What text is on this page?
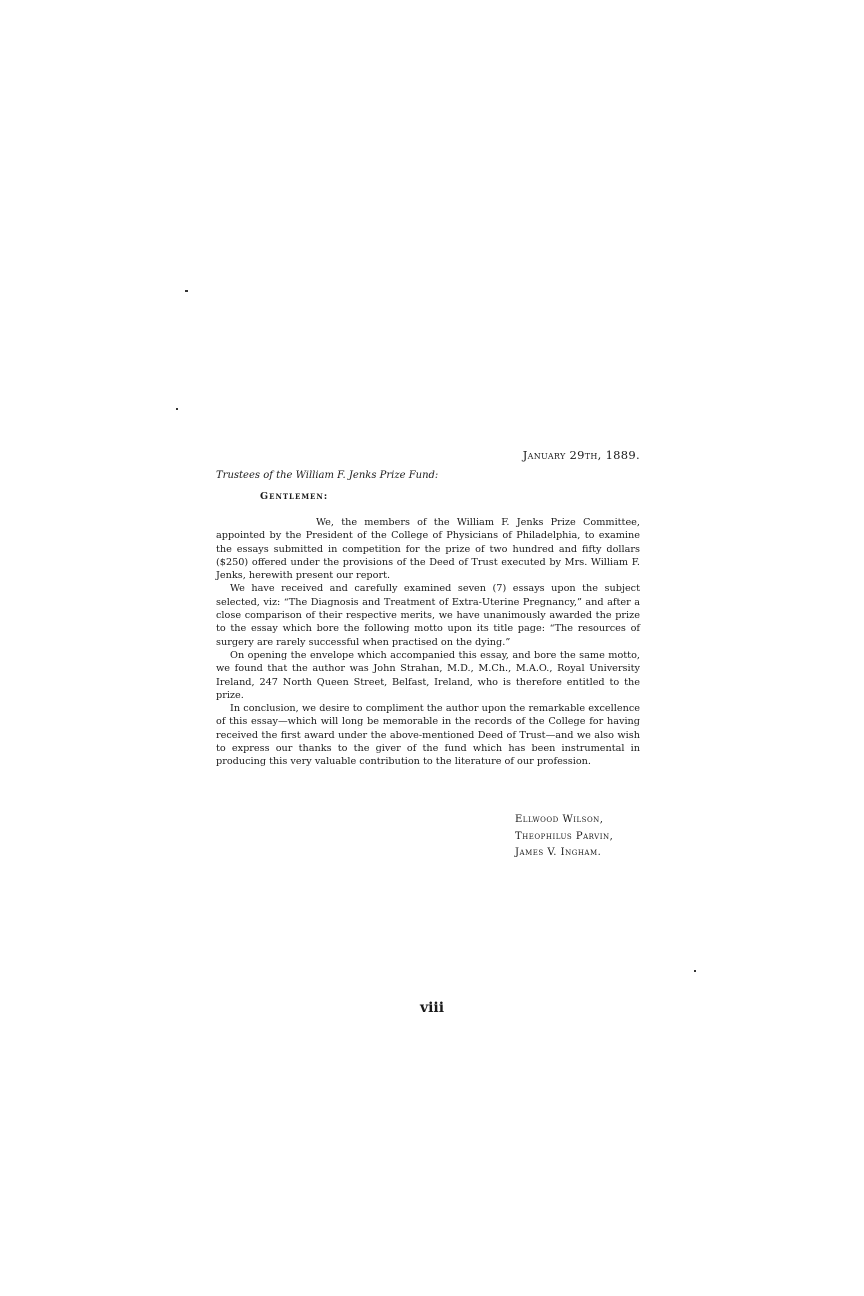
January 29th, 1889.
Trustees of the William F. Jenks Prize Fund:
Gentlemen:

We, the members of the William F. Jenks Prize Committee, appointed by the President of the College of Physicians of Philadelphia, to examine the essays submitted in competition for the prize of two hundred and fifty dollars ($250) offered under the provisions of the Deed of Trust executed by Mrs. William F. Jenks, herewith present our report.

We have received and carefully examined seven (7) essays upon the subject selected, viz: “The Diagnosis and Treatment of Extra-Uterine Pregnancy,” and after a close comparison of their respective merits, we have unanimously awarded the prize to the essay which bore the following motto upon its title page: “The resources of surgery are rarely successful when practised on the dying.”

On opening the envelope which accompanied this essay, and bore the same motto, we found that the author was John Strahan, M.D., M.Ch., M.A.O., Royal University Ireland, 247 North Queen Street, Belfast, Ireland, who is therefore entitled to the prize.

In conclusion, we desire to compliment the author upon the remarkable excellence of this essay—which will long be memorable in the records of the College for having received the first award under the above-mentioned Deed of Trust—and we also wish to express our thanks to the giver of the fund which has been instrumental in producing this very valuable contribution to the literature of our profession.

Ellwood Wilson,
Theophilus Parvin,
James V. Ingham.
viii
